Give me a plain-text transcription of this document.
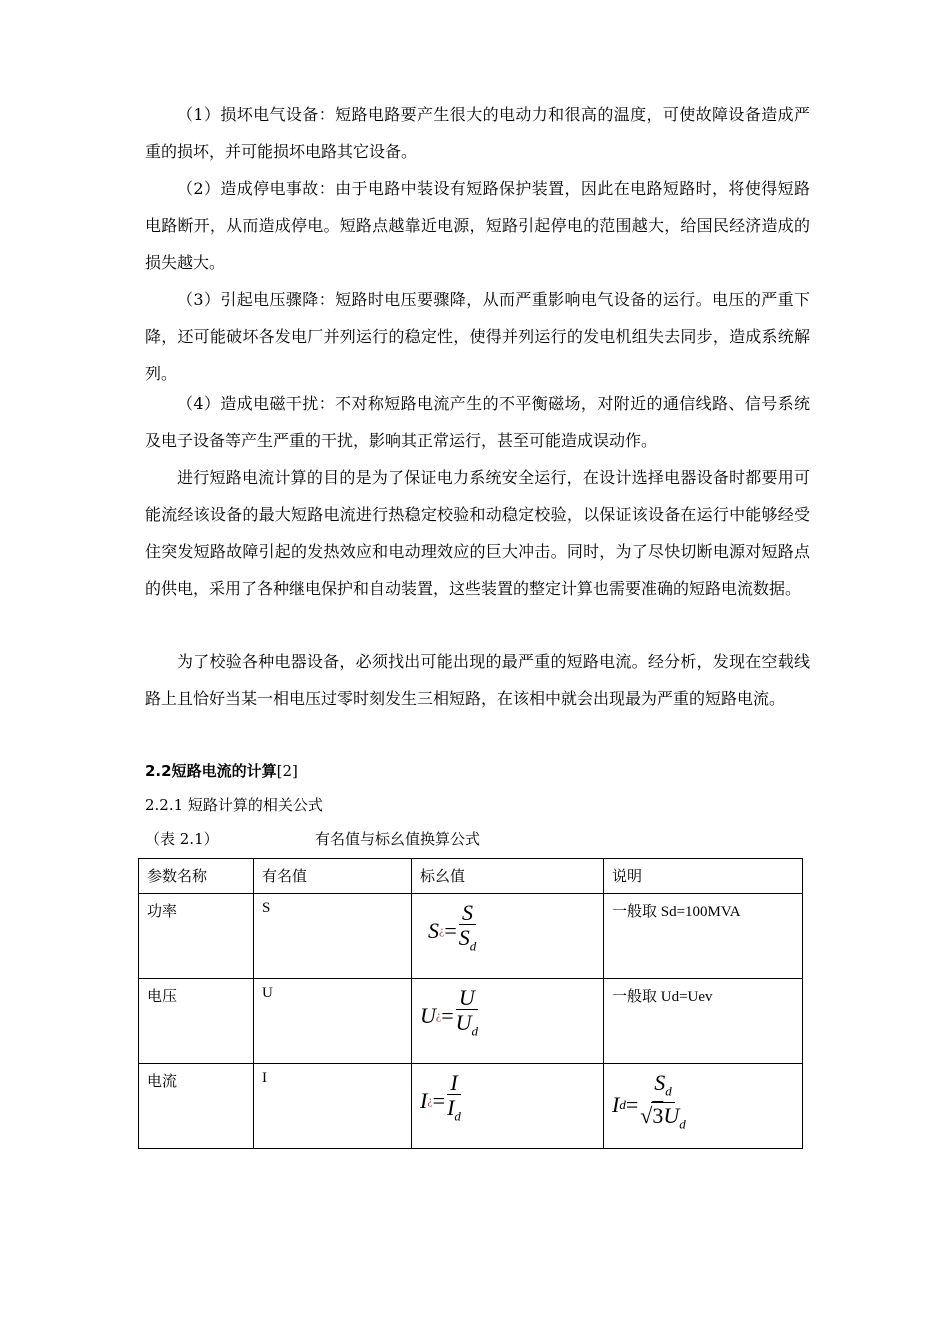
（1）损坏电气设备：短路电路要产生很大的电动力和很高的温度，可使故障设备造成严重的损坏，并可能损坏电路其它设备。

（2）造成停电事故：由于电路中装设有短路保护装置，因此在电路短路时，将使得短路电路断开，从而造成停电。短路点越靠近电源，短路引起停电的范围越大，给国民经济造成的损失越大。

（3）引起电压骤降：短路时电压要骤降，从而严重影响电气设备的运行。电压的严重下降，还可能破坏各发电厂并列运行的稳定性，使得并列运行的发电机组失去同步，造成系统解列。

（4）造成电磁干扰：不对称短路电流产生的不平衡磁场，对附近的通信线路、信号系统及电子设备等产生严重的干扰，影响其正常运行，甚至可能造成误动作。

进行短路电流计算的目的是为了保证电力系统安全运行，在设计选择电器设备时都要用可能流经该设备的最大短路电流进行热稳定校验和动稳定校验，以保证该设备在运行中能够经受住突发短路故障引起的发热效应和电动理效应的巨大冲击。同时，为了尽快切断电源对短路点的供电，采用了各种继电保护和自动装置，这些装置的整定计算也需要准确的短路电流数据。

为了校验各种电器设备，必须找出可能出现的最严重的短路电流。经分析，发现在空载线路上且恰好当某一相电压过零时刻发生三相短路，在该相中就会出现最为严重的短路电流。

2.2短路电流的计算[2]
2.2.1 短路计算的相关公式
（表 2.1）	有名值与标幺值换算公式
参数名称	有名值	标幺值	说明
功率	S	S ¿ = $\frac{S}{S_d}$	一般取 Sd=100MVA
电压	U	U ¿ = $\frac{U}{U_d}$	一般取 Ud=Uev
电流	I	I ¿ = $\frac{I}{I_d}$	I $d = \frac{S_d}{√3U_d}$
